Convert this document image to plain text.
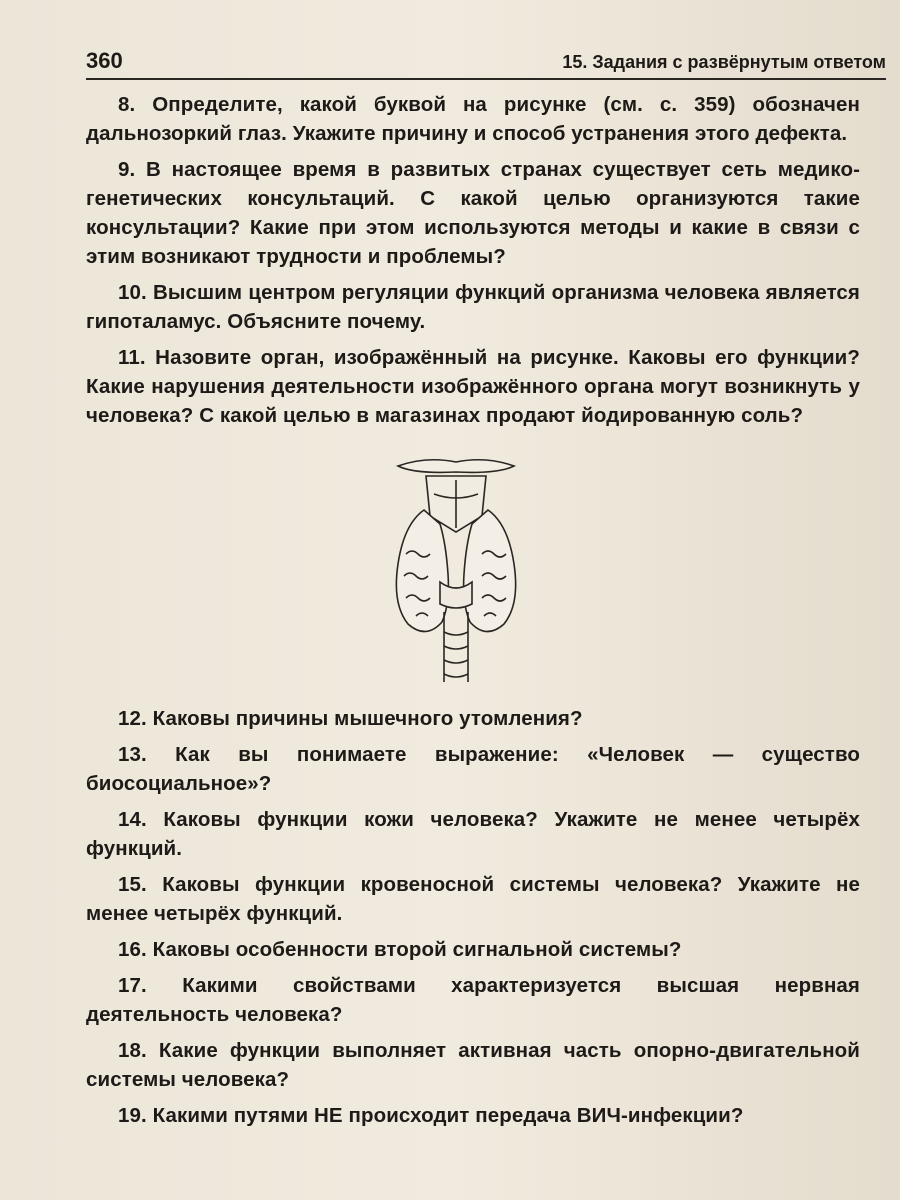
360	15. Задания с развёрнутым ответом

8. Определите, какой буквой на рисунке (см. с. 359) обозначен дальнозоркий глаз. Укажите причину и способ устранения этого дефекта.

9. В настоящее время в развитых странах существует сеть медико-генетических консультаций. С какой целью организуются такие консультации? Какие при этом используются методы и какие в связи с этим возникают трудности и проблемы?

10. Высшим центром регуляции функций организма человека является гипоталамус. Объясните почему.

11. Назовите орган, изображённый на рисунке. Каковы его функции? Какие нарушения деятельности изображённого органа могут возникнуть у человека? С какой целью в магазинах продают йодированную соль?

12. Каковы причины мышечного утомления?

13. Как вы понимаете выражение: «Человек — существо биосоциальное»?

14. Каковы функции кожи человека? Укажите не менее четырёх функций.

15. Каковы функции кровеносной системы человека? Укажите не менее четырёх функций.

16. Каковы особенности второй сигнальной системы?

17. Какими свойствами характеризуется высшая нервная деятельность человека?

18. Какие функции выполняет активная часть опорно-двигательной системы человека?

19. Какими путями НЕ происходит передача ВИЧ-инфекции?
